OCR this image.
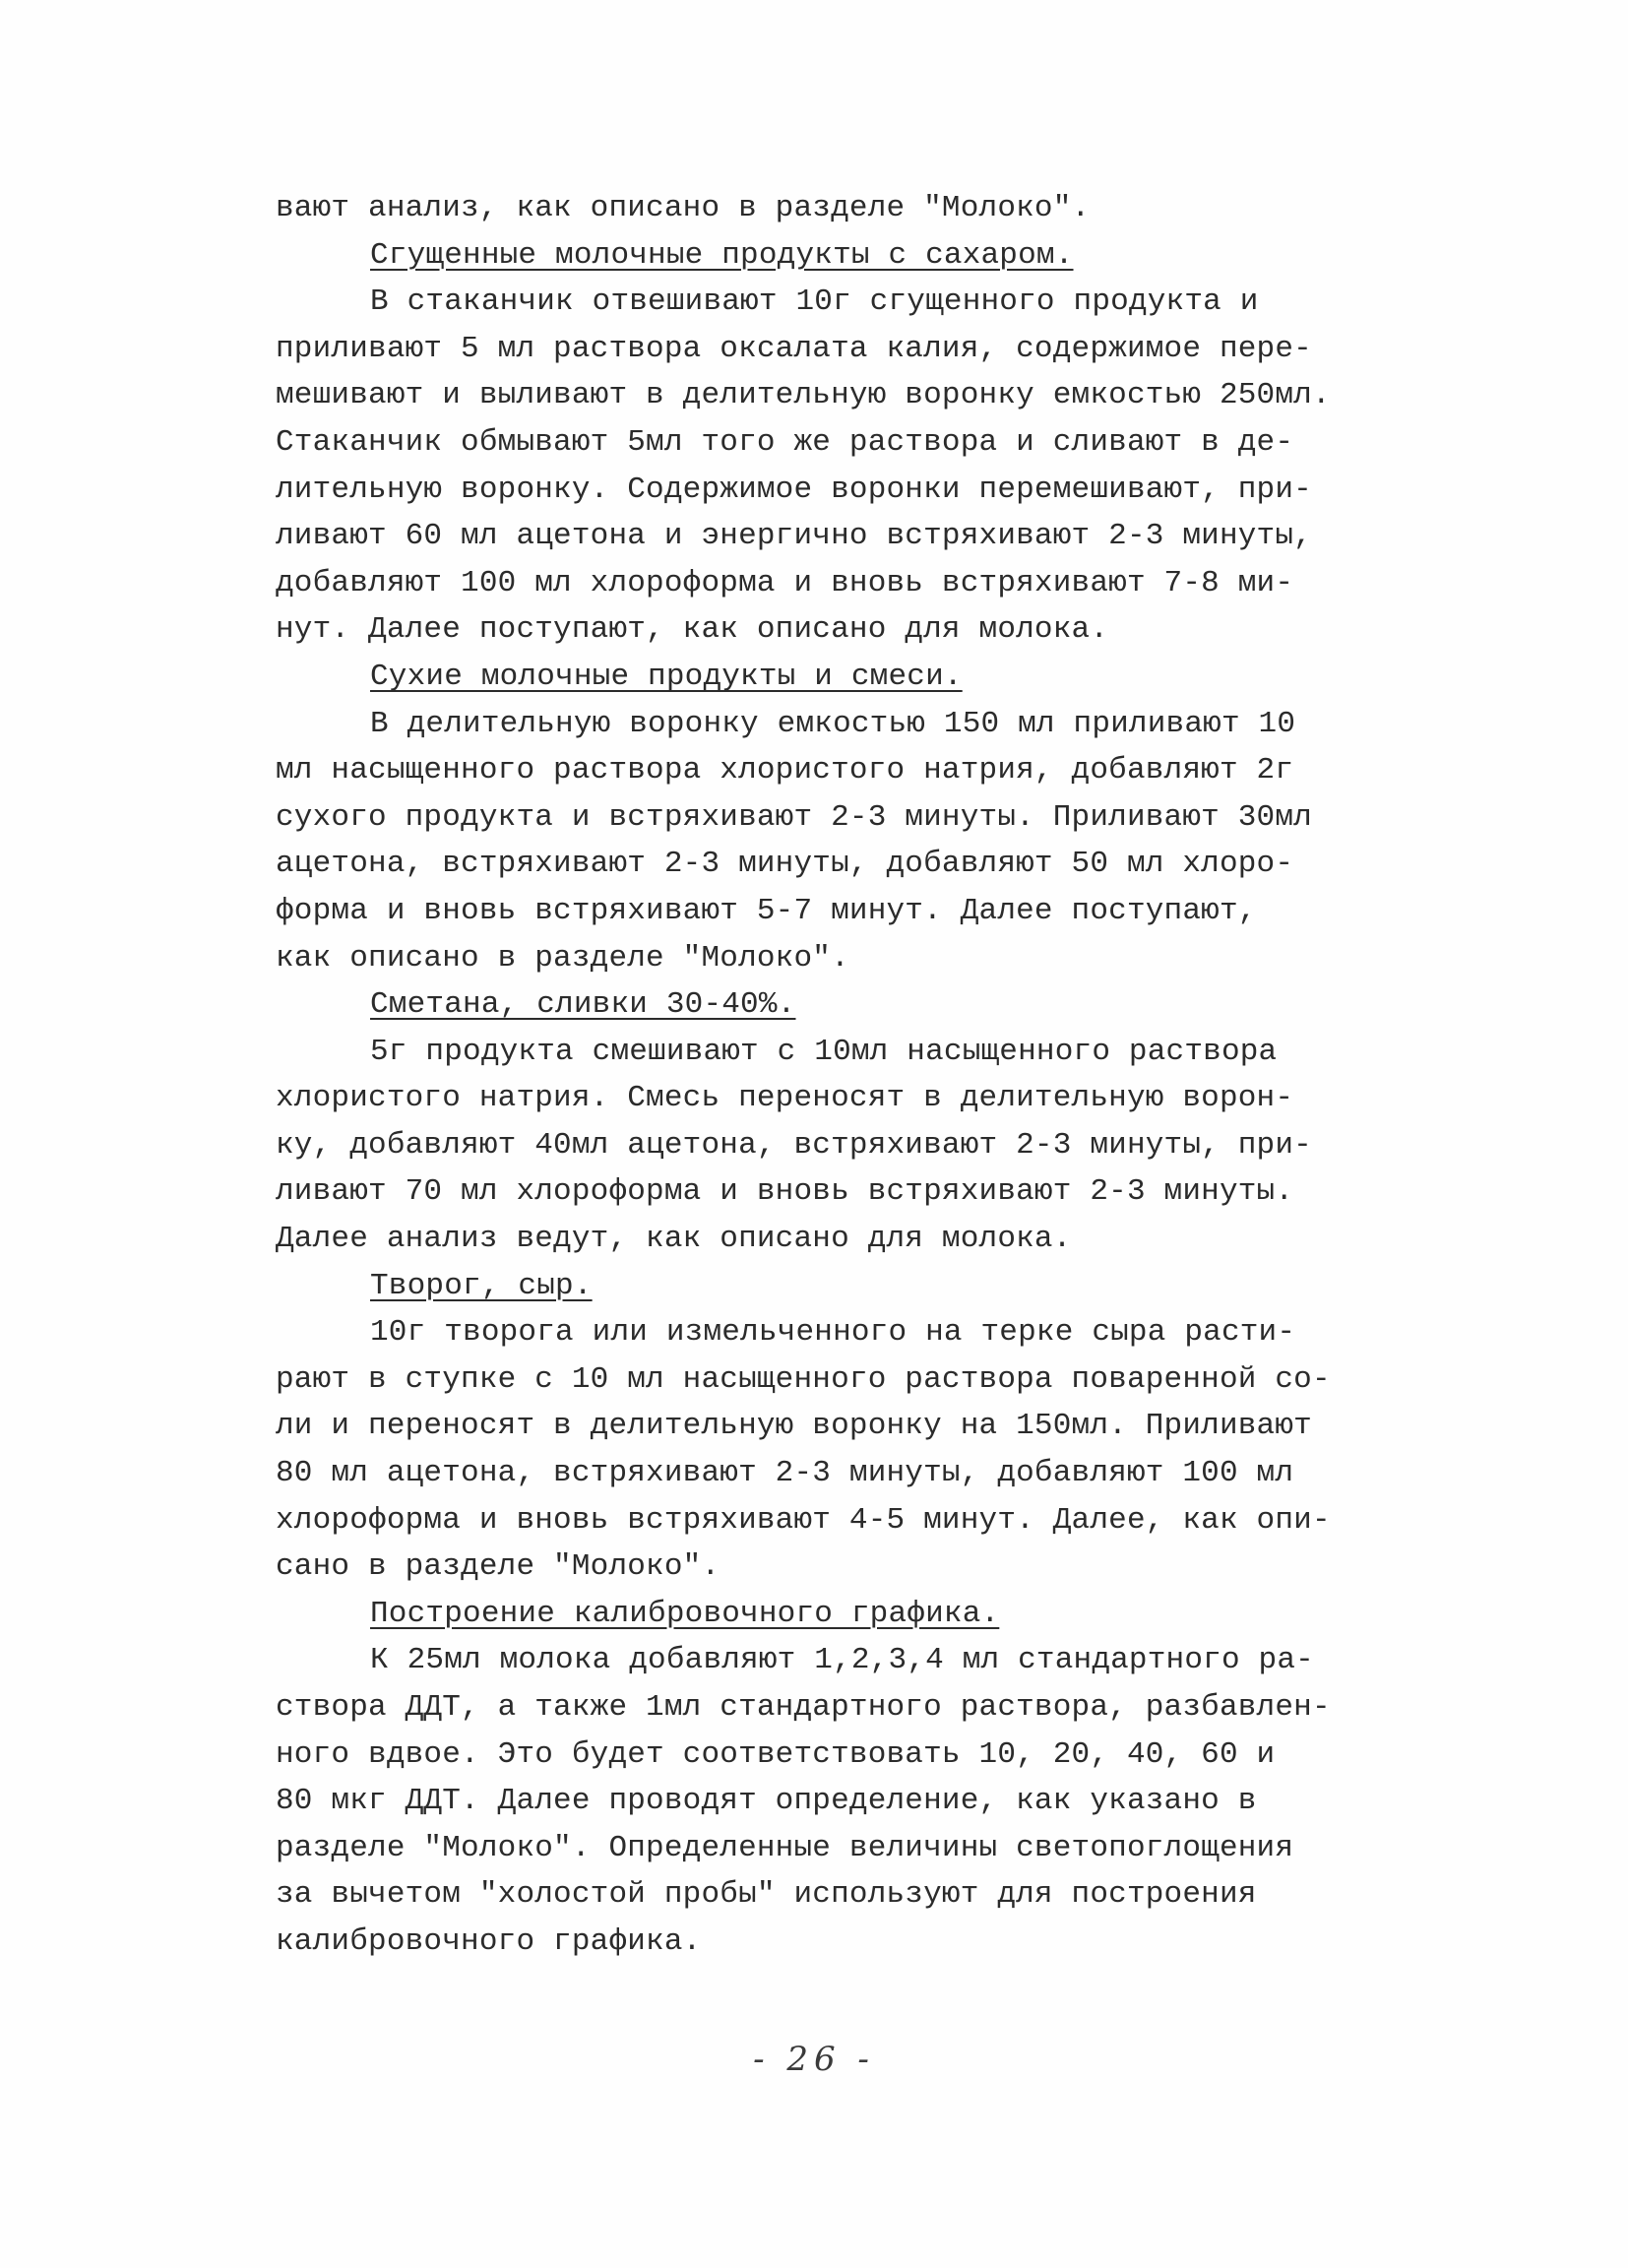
вают анализ, как описано в разделе "Молоко".
Сгущенные молочные продукты с сахаром.
В стаканчик отвешивают 10г сгущенного продукта и
приливают 5 мл раствора оксалата калия, содержимое пере-
мешивают и выливают в делительную воронку емкостью 250мл.
Стаканчик обмывают 5мл того же раствора и сливают в де-
лительную воронку. Содержимое воронки перемешивают, при-
ливают 60 мл ацетона и энергично встряхивают 2-3 минуты,
добавляют 100 мл хлороформа и вновь встряхивают 7-8 ми-
нут. Далее поступают, как описано для молока.
Сухие молочные продукты и смеси.
В делительную воронку емкостью 150 мл приливают 10
мл насыщенного раствора хлористого натрия, добавляют 2г
сухого продукта и встряхивают 2-3 минуты. Приливают 30мл
ацетона, встряхивают 2-3 минуты, добавляют 50 мл хлоро-
форма и вновь встряхивают 5-7 минут. Далее поступают,
как описано в разделе "Молоко".
Сметана, сливки 30-40%.
5г продукта смешивают с 10мл насыщенного раствора
хлористого натрия. Смесь переносят в делительную ворон-
ку, добавляют 40мл ацетона, встряхивают 2-3 минуты, при-
ливают 70 мл хлороформа и вновь встряхивают 2-3 минуты.
Далее анализ ведут, как описано для молока.
Творог, сыр.
10г творога или измельченного на терке сыра расти-
рают в ступке с 10 мл насыщенного раствора поваренной со-
ли и переносят в делительную воронку на 150мл. Приливают
80 мл ацетона, встряхивают 2-3 минуты, добавляют 100 мл
хлороформа и вновь встряхивают 4-5 минут. Далее, как опи-
сано в разделе "Молоко".
Построение калибровочного графика.
К 25мл молока добавляют 1,2,3,4 мл стандартного ра-
створа ДДТ, а также 1мл стандартного раствора, разбавлен-
ного вдвое. Это будет соответствовать 10, 20, 40, 60 и
80 мкг ДДТ. Далее проводят определение, как указано в
разделе "Молоко". Определенные величины светопоглощения
за вычетом "холостой пробы" используют для построения
калибровочного графика.
- 26 -
